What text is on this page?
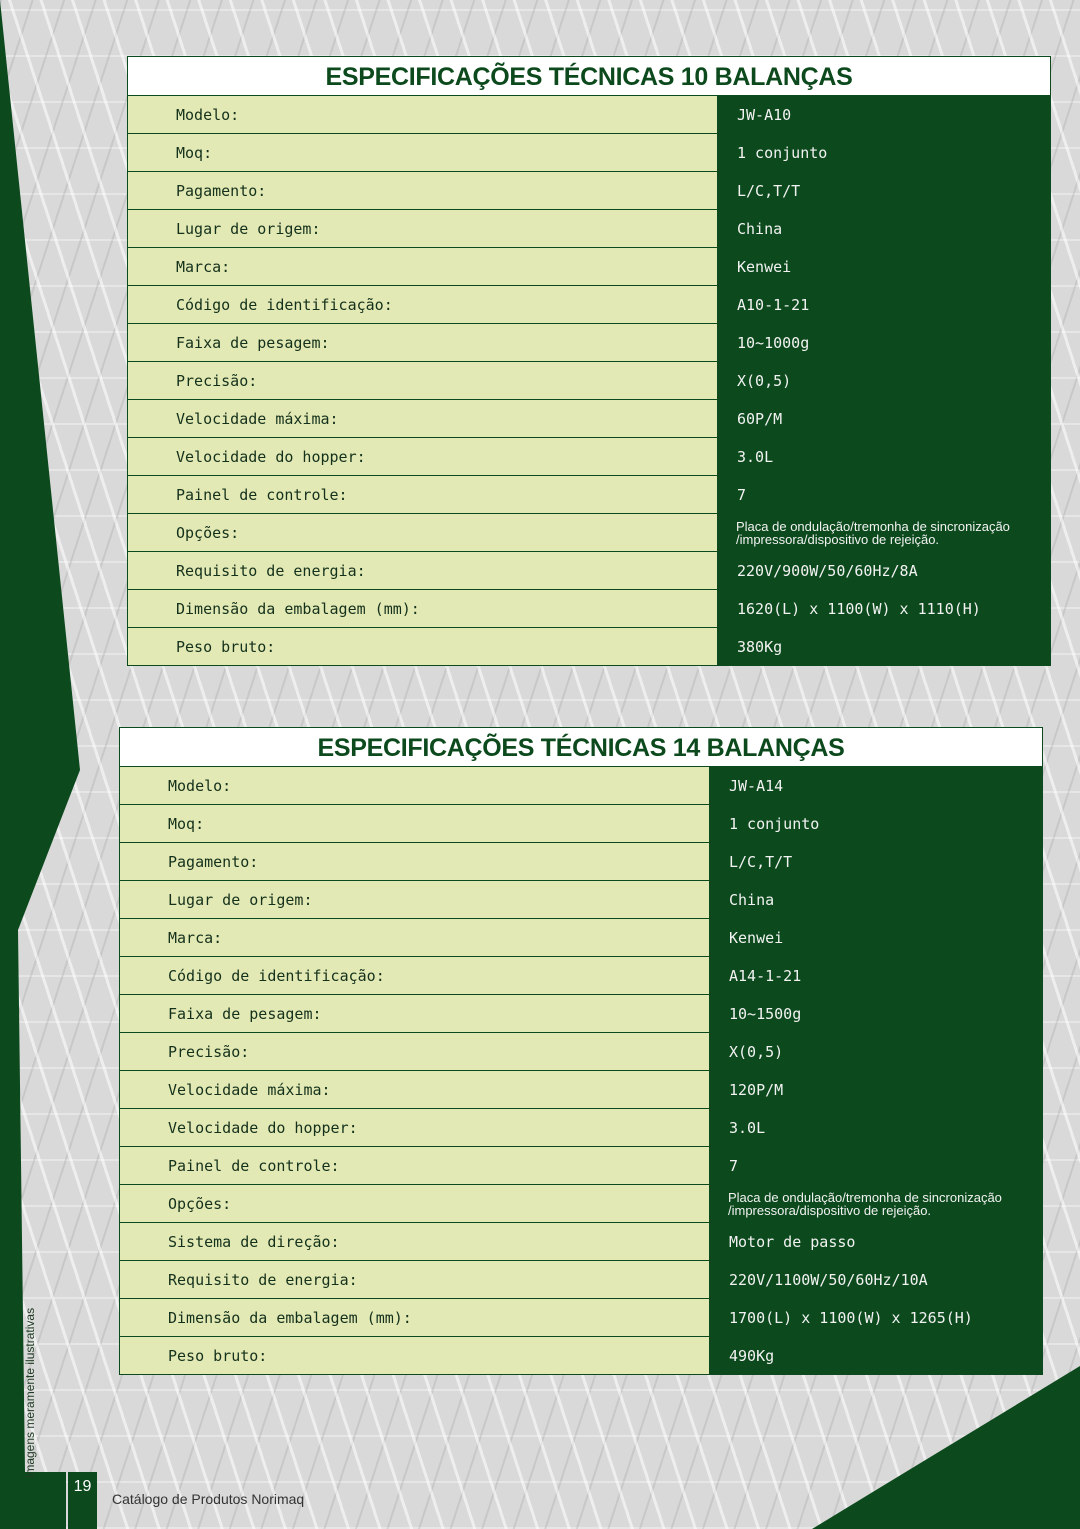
Imagens meramente ilustrativas
ESPECIFICAÇÕES TÉCNICAS 10 BALANÇAS
Modelo:	JW-A10
Moq:	1 conjunto
Pagamento:	L/C,T/T
Lugar de origem:	China
Marca:	Kenwei
Código de identificação:	A10-1-21
Faixa de pesagem:	10~1000g
Precisão:	X(0,5)
Velocidade máxima:	60P/M
Velocidade do hopper:	3.0L
Painel de controle:	7
Opções:	Placa de ondulação/tremonha de sincronização
/impressora/dispositivo de rejeição.
Requisito de energia:	220V/900W/50/60Hz/8A
Dimensão da embalagem (mm):	1620(L) x 1100(W) x 1110(H)
Peso bruto:	380Kg
ESPECIFICAÇÕES TÉCNICAS 14 BALANÇAS
Modelo:	JW-A14
Moq:	1 conjunto
Pagamento:	L/C,T/T
Lugar de origem:	China
Marca:	Kenwei
Código de identificação:	A14-1-21
Faixa de pesagem:	10~1500g
Precisão:	X(0,5)
Velocidade máxima:	120P/M
Velocidade do hopper:	3.0L
Painel de controle:	7
Opções:	Placa de ondulação/tremonha de sincronização
/impressora/dispositivo de rejeição.
Sistema de direção:	Motor de passo
Requisito de energia:	220V/1100W/50/60Hz/10A
Dimensão da embalagem (mm):	1700(L) x 1100(W) x 1265(H)
Peso bruto:	490Kg
19
Catálogo de Produtos Norimaq
